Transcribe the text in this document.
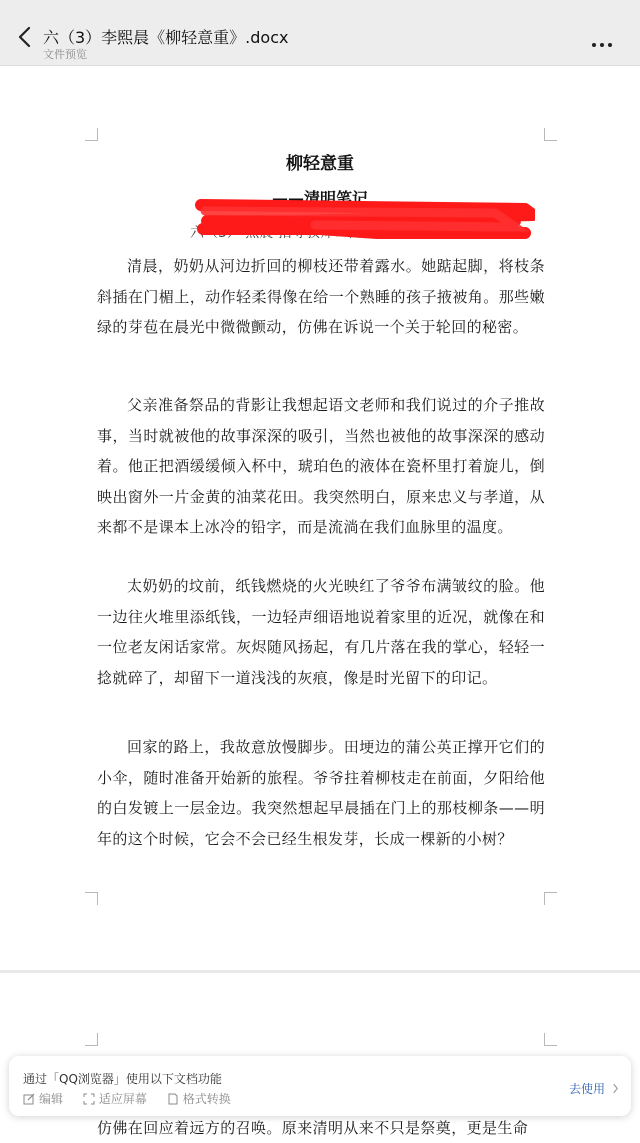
六（3）李熙晨《柳轻意重》.docx
文件预览
柳轻意重
——清明笔记
六（3） 熙晨 指导教师：吕振寻

清晨，奶奶从河边折回的柳枝还带着露水。她踮起脚，将枝条斜插在门楣上，动作轻柔得像在给一个熟睡的孩子掖被角。那些嫩绿的芽苞在晨光中微微颤动，仿佛在诉说一个关于轮回的秘密。

父亲准备祭品的背影让我想起语文老师和我们说过的介子推故事，当时就被他的故事深深的吸引，当然也被他的故事深深的感动着。他正把酒缓缓倾入杯中，琥珀色的液体在瓷杯里打着旋儿，倒映出窗外一片金黄的油菜花田。我突然明白，原来忠义与孝道，从来都不是课本上冰冷的铅字，而是流淌在我们血脉里的温度。

太奶奶的坟前，纸钱燃烧的火光映红了爷爷布满皱纹的脸。他一边往火堆里添纸钱，一边轻声细语地说着家里的近况，就像在和一位老友闲话家常。灰烬随风扬起，有几片落在我的掌心，轻轻一捻就碎了，却留下一道浅浅的灰痕，像是时光留下的印记。

回家的路上，我故意放慢脚步。田埂边的蒲公英正撑开它们的小伞，随时准备开始新的旅程。爷爷拄着柳枝走在前面，夕阳给他的白发镀上一层金边。我突然想起早晨插在门上的那枝柳条——明年的这个时候，它会不会已经生根发芽，长成一棵新的小树？

仿佛在回应着远方的召唤。原来清明从来不只是祭奠，更是生命
通过「QQ浏览器」使用以下文档功能
编辑	适应屏幕	格式转换
去使用
